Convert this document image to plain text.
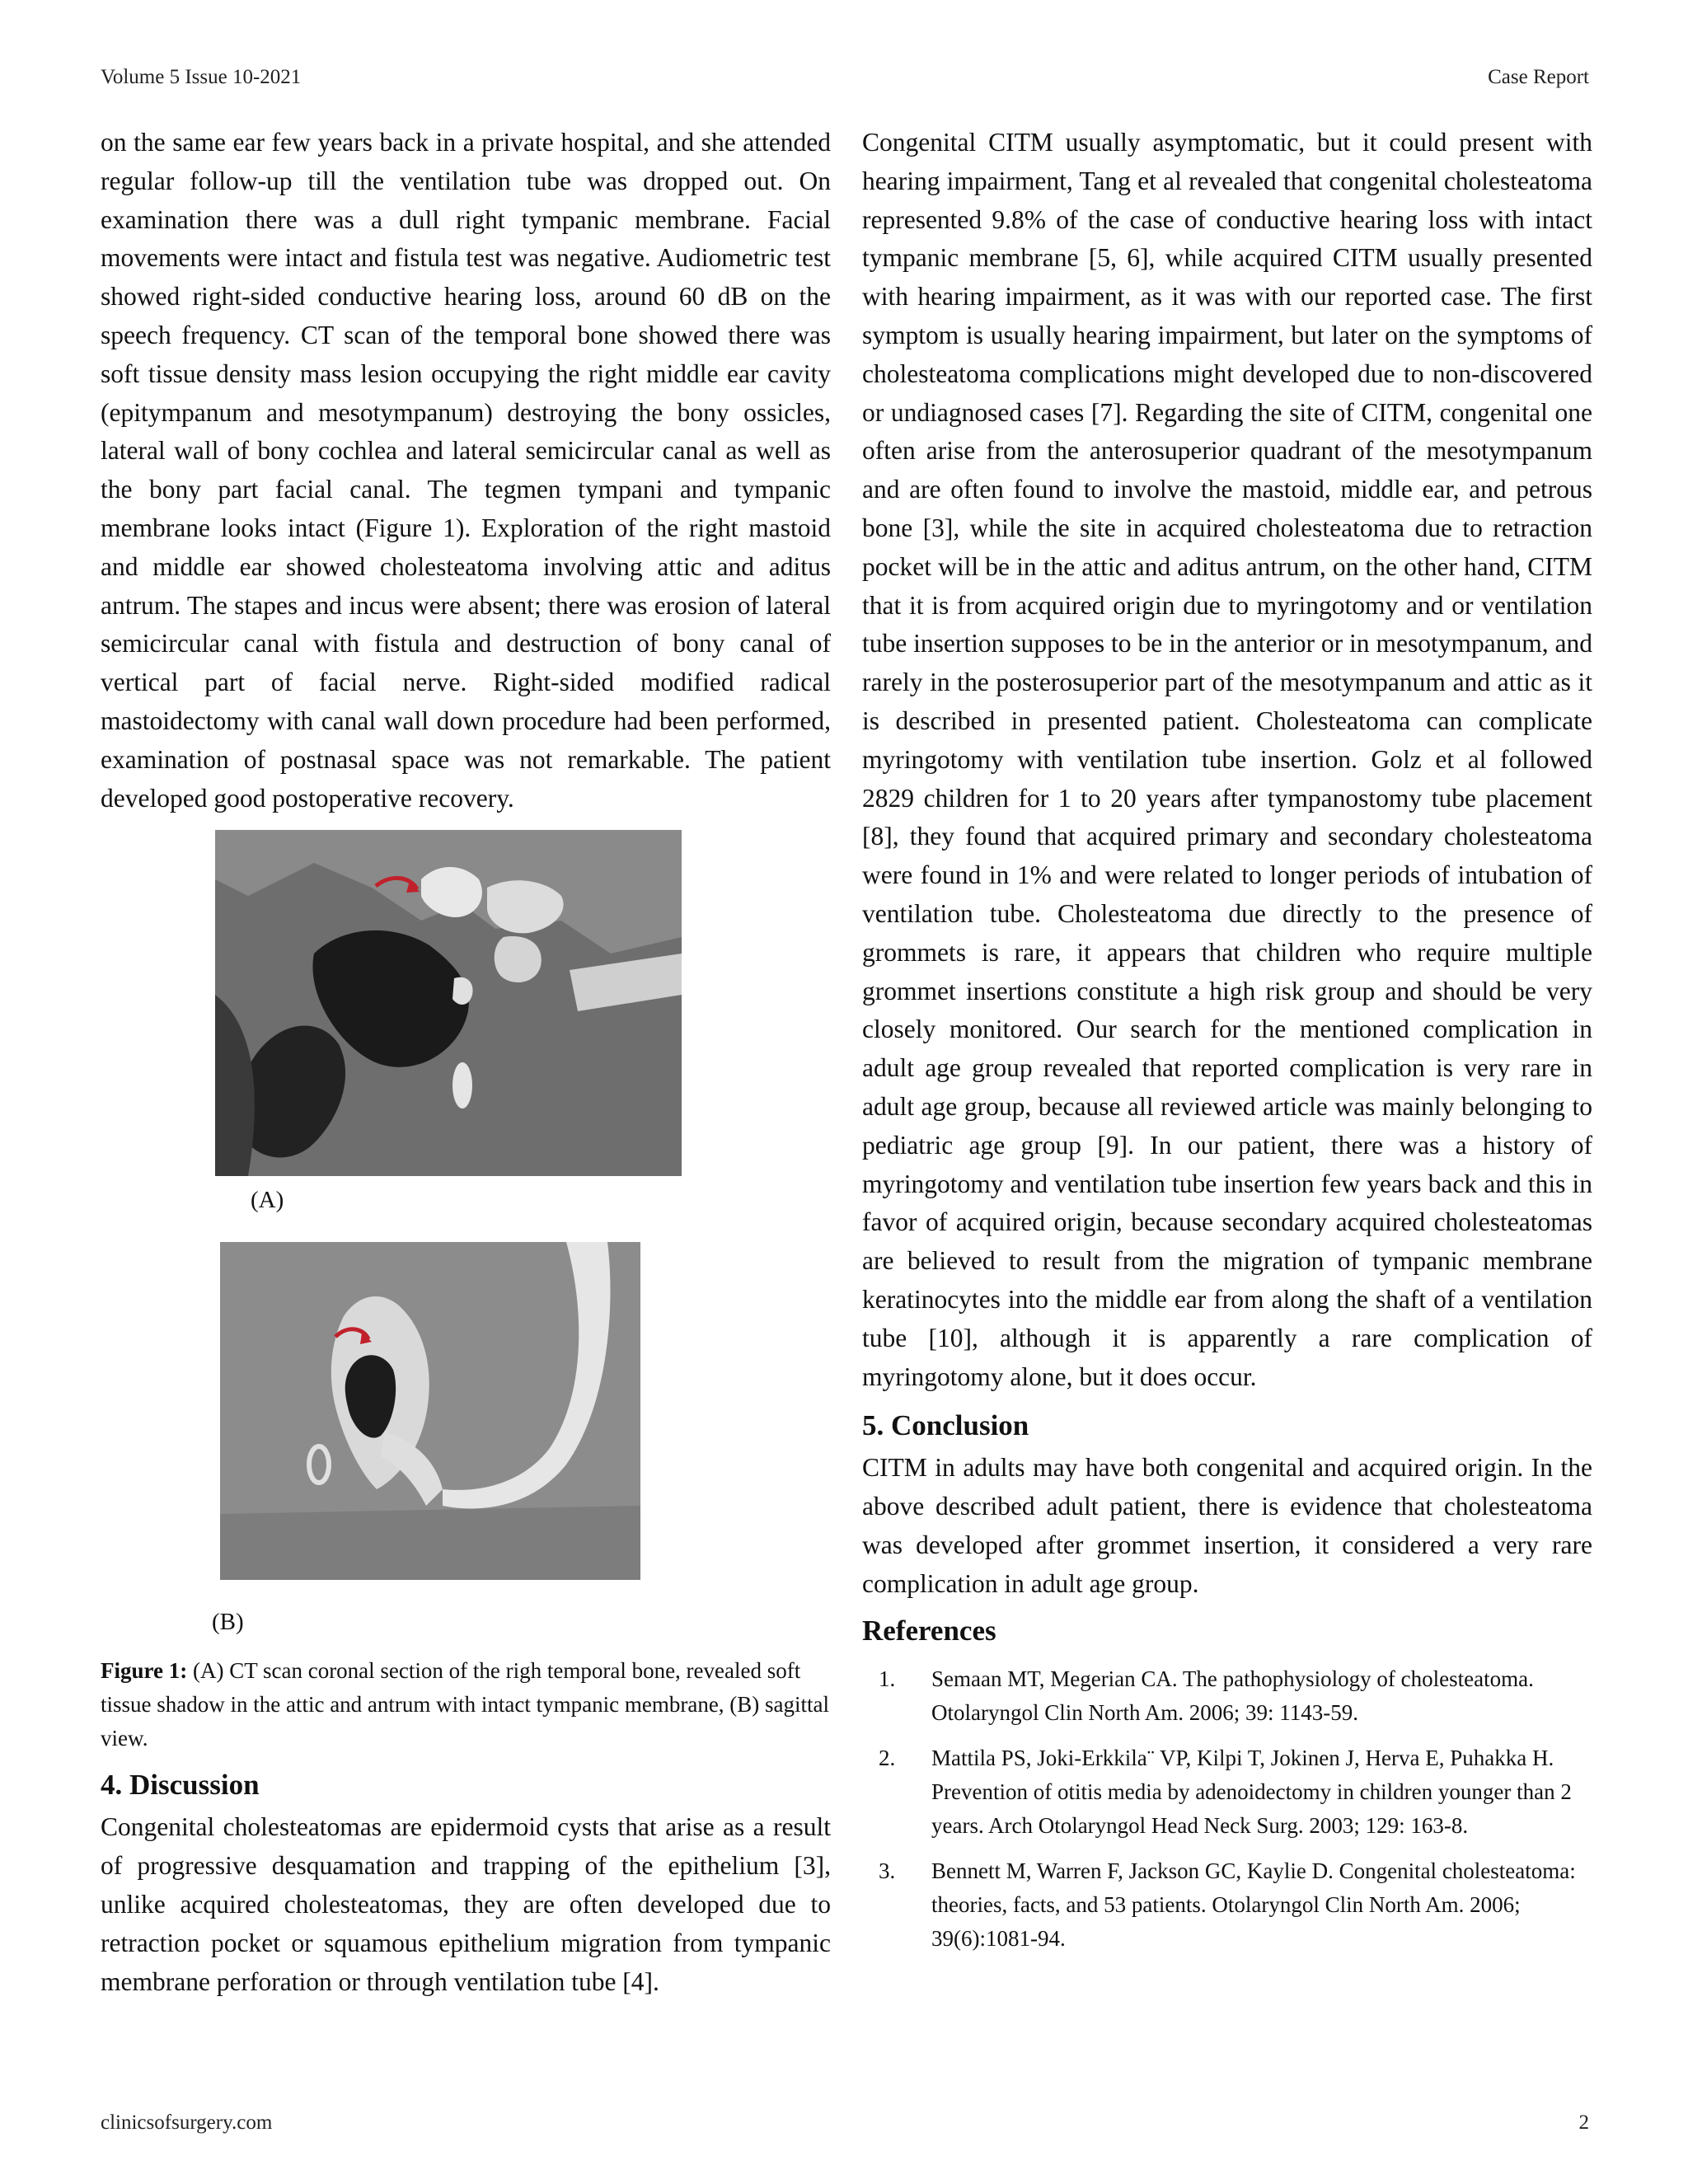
Volume 5 Issue 10-2021	Case Report

on the same ear few years back in a private hospital, and she attended regular follow-up till the ventilation tube was dropped out. On examination there was a dull right tympanic membrane. Facial movements were intact and fistula test was negative. Audiometric test showed right-sided conductive hearing loss, around 60 dB on the speech frequency. CT scan of the temporal bone showed there was soft tissue density mass lesion occupying the right middle ear cavity (epitympanum and mesotympanum) destroying the bony ossicles, lateral wall of bony cochlea and lateral semicircular canal as well as the bony part facial canal. The tegmen tympani and tympanic membrane looks intact (Figure 1). Exploration of the right mastoid and middle ear showed cholesteatoma involving attic and aditus antrum. The stapes and incus were absent; there was erosion of lateral semicircular canal with fistula and destruction of bony canal of vertical part of facial nerve. Right-sided modified radical mastoidectomy with canal wall down procedure had been performed, examination of postnasal space was not remarkable. The patient developed good postoperative recovery.

(A)
(B)

Figure 1: (A) CT scan coronal section of the righ temporal bone, revealed soft tissue shadow in the attic and antrum with intact tympanic membrane, (B) sagittal view.

4. Discussion

Congenital cholesteatomas are epidermoid cysts that arise as a result of progressive desquamation and trapping of the epithelium [3], unlike acquired cholesteatomas, they are often developed due to retraction pocket or squamous epithelium migration from tympanic membrane perforation or through ventilation tube [4].

Congenital CITM usually asymptomatic, but it could present with hearing impairment, Tang et al revealed that congenital cholesteatoma represented 9.8% of the case of conductive hearing loss with intact tympanic membrane [5, 6], while acquired CITM usually presented with hearing impairment, as it was with our reported case. The first symptom is usually hearing impairment, but later on the symptoms of cholesteatoma complications might developed due to non-discovered or undiagnosed cases [7]. Regarding the site of CITM, congenital one often arise from the anterosuperior quadrant of the mesotympanum and are often found to involve the mastoid, middle ear, and petrous bone [3], while the site in acquired cholesteatoma due to retraction pocket will be in the attic and aditus antrum, on the other hand, CITM that it is from acquired origin due to myringotomy and or ventilation tube insertion supposes to be in the anterior or in mesotympanum, and rarely in the posterosuperior part of the mesotympanum and attic as it is described in presented patient. Cholesteatoma can complicate myringotomy with ventilation tube insertion. Golz et al followed 2829 children for 1 to 20 years after tympanostomy tube placement [8], they found that acquired primary and secondary cholesteatoma were found in 1% and were related to longer periods of intubation of ventilation tube. Cholesteatoma due directly to the presence of grommets is rare, it appears that children who require multiple grommet insertions constitute a high risk group and should be very closely monitored. Our search for the mentioned complication in adult age group revealed that reported complication is very rare in adult age group, because all reviewed article was mainly belonging to pediatric age group [9]. In our patient, there was a history of myringotomy and ventilation tube insertion few years back and this in favor of acquired origin, because secondary acquired cholesteatomas are believed to result from the migration of tympanic membrane keratinocytes into the middle ear from along the shaft of a ventilation tube [10], although it is apparently a rare complication of myringotomy alone, but it does occur.

5. Conclusion

CITM in adults may have both congenital and acquired origin. In the above described adult patient, there is evidence that cholesteatoma was developed after grommet insertion, it considered a very rare complication in adult age group.

References
1. Semaan MT, Megerian CA. The pathophysiology of cholesteatoma. Otolaryngol Clin North Am. 2006; 39: 1143-59.
2. Mattila PS, Joki-Erkkila¨ VP, Kilpi T, Jokinen J, Herva E, Puhakka H. Prevention of otitis media by adenoidectomy in children younger than 2 years. Arch Otolaryngol Head Neck Surg. 2003; 129: 163-8.
3. Bennett M, Warren F, Jackson GC, Kaylie D. Congenital cholesteatoma: theories, facts, and 53 patients. Otolaryngol Clin North Am. 2006; 39(6):1081-94.
clinicsofsurgery.com	2
